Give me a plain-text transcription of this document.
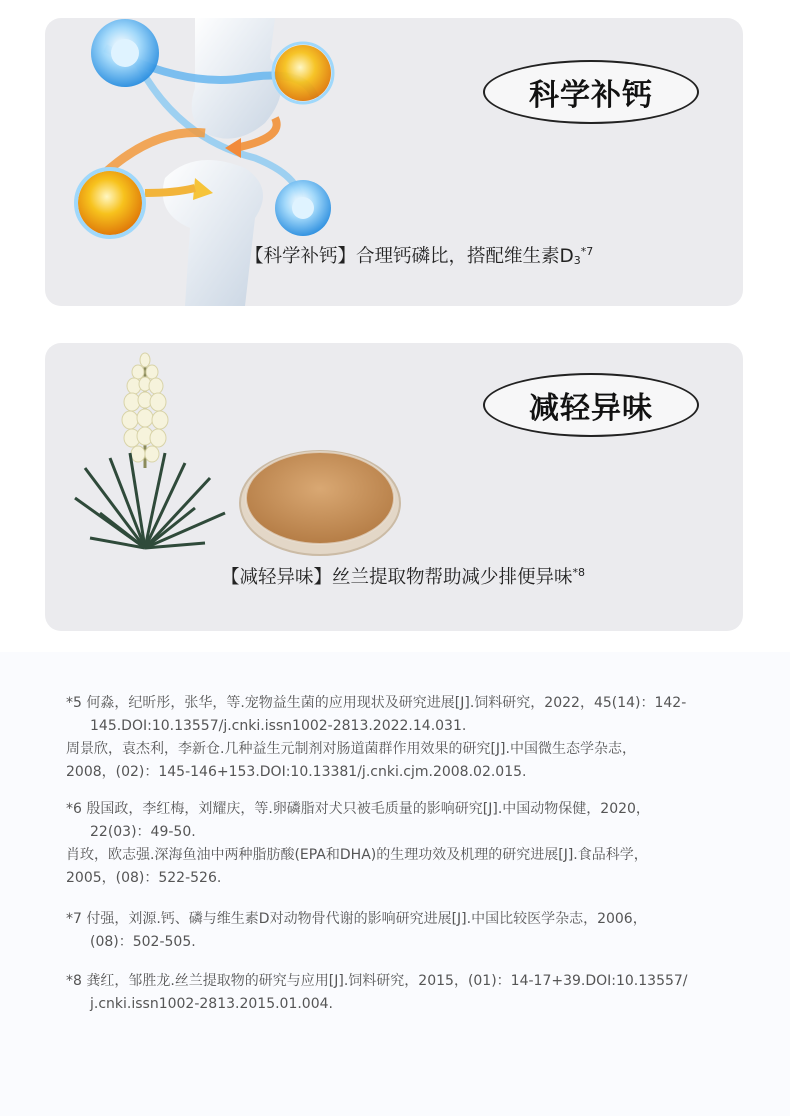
科学补钙
【科学补钙】合理钙磷比，搭配维生素$D_3^{*7}$
减轻异味
【减轻异味】丝兰提取物帮助减少排便异味$^{*8}$
*5 何淼，纪昕彤，张华，等.宠物益生菌的应用现状及研究进展[J].饲料研究，2022，45(14)：142-
145.DOI:10.13557/j.cnki.issn1002-2813.2022.14.031.
周景欣，袁杰利，李新仓.几种益生元制剂对肠道菌群作用效果的研究[J].中国微生态学杂志，
2008，(02)：145-146+153.DOI:10.13381/j.cnki.cjm.2008.02.015.
*6 殷国政，李红梅，刘耀庆，等.卵磷脂对犬只被毛质量的影响研究[J].中国动物保健，2020，
22(03)：49-50.
肖玫，欧志强.深海鱼油中两种脂肪酸(EPA和DHA)的生理功效及机理的研究进展[J].食品科学，
2005，(08)：522-526.
*7 付强，刘源.钙、磷与维生素D对动物骨代谢的影响研究进展[J].中国比较医学杂志，2006，
(08)：502-505.
*8 龚红，邹胜龙.丝兰提取物的研究与应用[J].饲料研究，2015，(01)：14-17+39.DOI:10.13557/
j.cnki.issn1002-2813.2015.01.004.
